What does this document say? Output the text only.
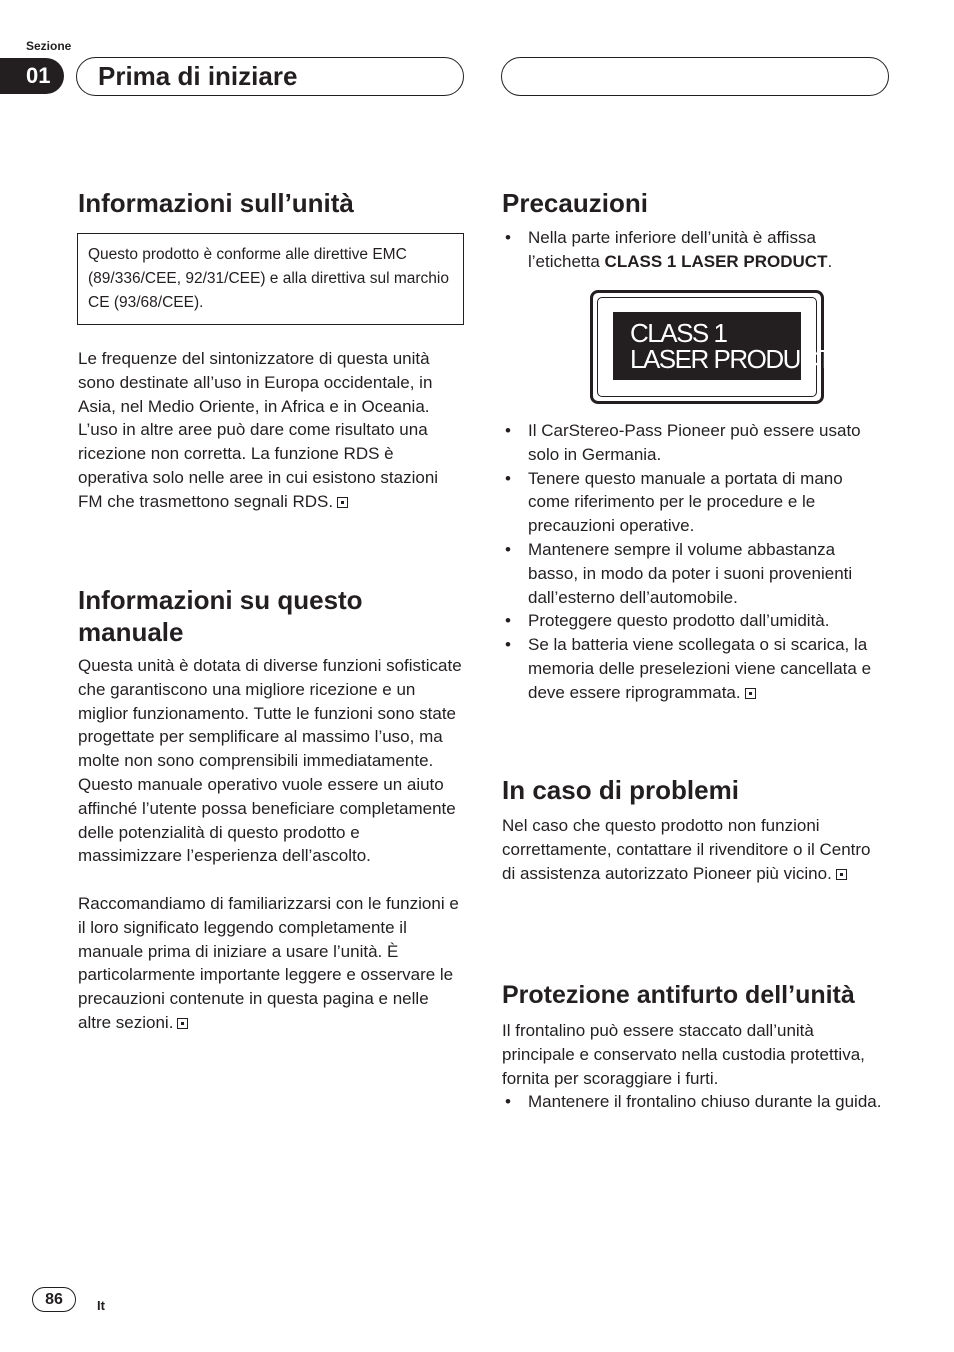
Sezione
01	Prima di iniziare
Informazioni sull’unità
Questo prodotto è conforme alle direttive EMC (89/336/CEE, 92/31/CEE) e alla direttiva sul marchio CE (93/68/CEE).

Le frequenze del sintonizzatore di questa unità sono destinate all’uso in Europa occidentale, in Asia, nel Medio Oriente, in Africa e in Oceania. L’uso in altre aree può dare come risultato una ricezione non corretta. La funzione RDS è operativa solo nelle aree in cui esistono stazioni FM che trasmettono segnali RDS.

Informazioni su questo manuale

Questa unità è dotata di diverse funzioni sofisticate che garantiscono una migliore ricezione e un miglior funzionamento. Tutte le funzioni sono state progettate per semplificare al massimo l’uso, ma molte non sono comprensibili immediatamente. Questo manuale operativo vuole essere un aiuto affinché l’utente possa beneficiare completamente delle potenzialità di questo prodotto e massimizzare l’esperienza dell’ascolto.

Raccomandiamo di familiarizzarsi con le funzioni e il loro significato leggendo completamente il manuale prima di iniziare a usare l’unità. È particolarmente importante leggere e osservare le precauzioni contenute in questa pagina e nelle altre sezioni.

Precauzioni
• Nella parte inferiore dell’unità è affissa l’etichetta CLASS 1 LASER PRODUCT.
CLASS 1
LASER PRODUCT
• Il CarStereo-Pass Pioneer può essere usato solo in Germania.
• Tenere questo manuale a portata di mano come riferimento per le procedure e le precauzioni operative.
• Mantenere sempre il volume abbastanza basso, in modo da poter i suoni provenienti dall’esterno dell’automobile.
• Proteggere questo prodotto dall’umidità.
• Se la batteria viene scollegata o si scarica, la memoria delle preselezioni viene cancellata e deve essere riprogrammata.
In caso di problemi

Nel caso che questo prodotto non funzioni correttamente, contattare il rivenditore o il Centro di assistenza autorizzato Pioneer più vicino.

Protezione antifurto dell’unità

Il frontalino può essere staccato dall’unità principale e conservato nella custodia protettiva, fornita per scoraggiare i furti.

• Mantenere il frontalino chiuso durante la guida.
86	It
